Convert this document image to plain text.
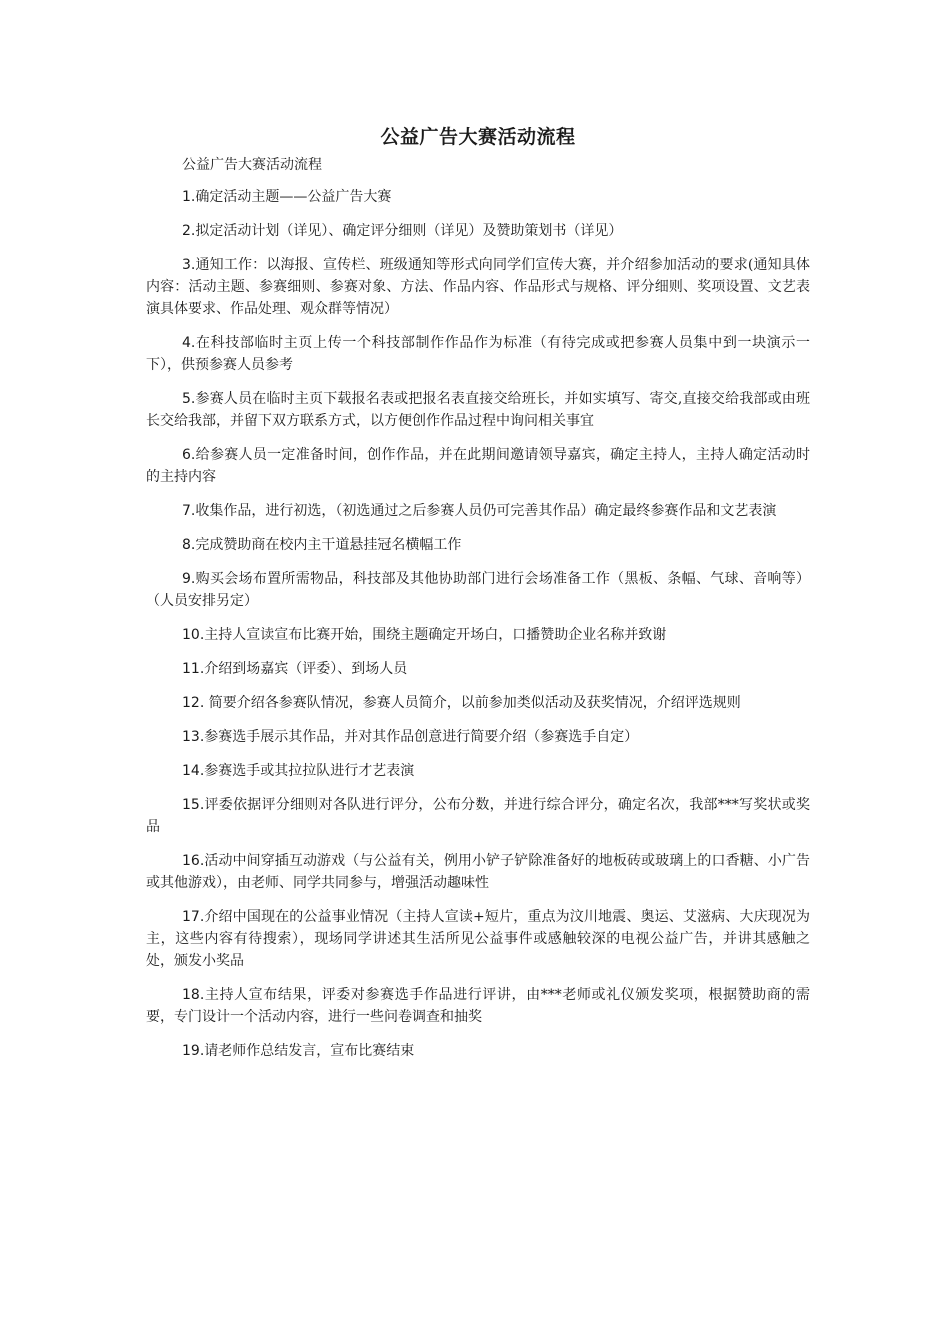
公益广告大赛活动流程

公益广告大赛活动流程

1.确定活动主题——公益广告大赛
2.拟定活动计划（详见）、确定评分细则（详见）及赞助策划书（详见）
3.通知工作：以海报、宣传栏、班级通知等形式向同学们宣传大赛，并介绍参加活动的要求(通知具体内容：活动主题、参赛细则、参赛对象、方法、作品内容、作品形式与规格、评分细则、奖项设置、文艺表演具体要求、作品处理、观众群等情况）
4.在科技部临时主页上传一个科技部制作作品作为标准（有待完成或把参赛人员集中到一块演示一下），供预参赛人员参考
5.参赛人员在临时主页下载报名表或把报名表直接交给班长，并如实填写、寄交,直接交给我部或由班长交给我部，并留下双方联系方式，以方便创作作品过程中询问相关事宜
6.给参赛人员一定准备时间，创作作品，并在此期间邀请领导嘉宾，确定主持人，主持人确定活动时的主持内容
7.收集作品，进行初选，（初选通过之后参赛人员仍可完善其作品）确定最终参赛作品和文艺表演
8.完成赞助商在校内主干道悬挂冠名横幅工作
9.购买会场布置所需物品，科技部及其他协助部门进行会场准备工作（黑板、条幅、气球、音响等）（人员安排另定）
10.主持人宣读宣布比赛开始，围绕主题确定开场白，口播赞助企业名称并致谢
11.介绍到场嘉宾（评委）、到场人员
12. 简要介绍各参赛队情况，参赛人员简介，以前参加类似活动及获奖情况，介绍评选规则
13.参赛选手展示其作品，并对其作品创意进行简要介绍（参赛选手自定）
14.参赛选手或其拉拉队进行才艺表演
15.评委依据评分细则对各队进行评分，公布分数，并进行综合评分，确定名次，我部***写奖状或奖品
16.活动中间穿插互动游戏（与公益有关，例用小铲子铲除准备好的地板砖或玻璃上的口香糖、小广告或其他游戏），由老师、同学共同参与，增强活动趣味性
17.介绍中国现在的公益事业情况（主持人宣读+短片，重点为汶川地震、奥运、艾滋病、大庆现况为主，这些内容有待搜索），现场同学讲述其生活所见公益事件或感触较深的电视公益广告，并讲其感触之处，颁发小奖品
18.主持人宣布结果，评委对参赛选手作品进行评讲，由***老师或礼仪颁发奖项，根据赞助商的需要，专门设计一个活动内容，进行一些问卷调查和抽奖
19.请老师作总结发言，宣布比赛结束
